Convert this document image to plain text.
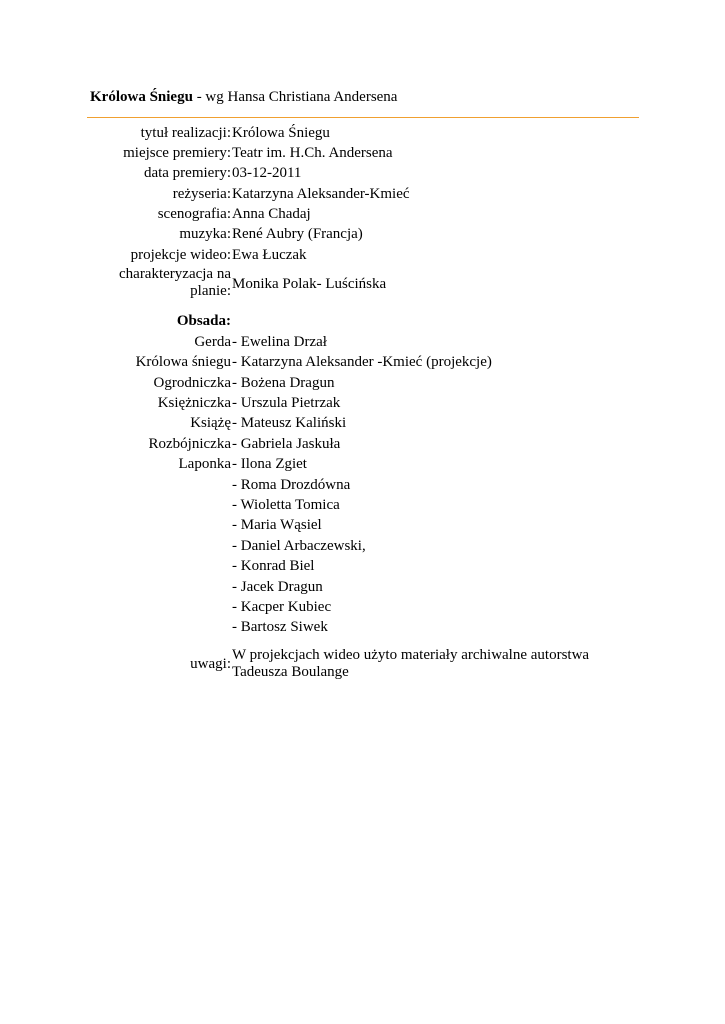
Królowa Śniegu - wg Hansa Christiana Andersena
tytuł realizacji: Królowa Śniegu
miejsce premiery: Teatr im. H.Ch. Andersena
data premiery: 03-12-2011
reżyseria: Katarzyna Aleksander-Kmieć
scenografia: Anna Chadaj
muzyka: René Aubry (Francja)
projekcje wideo: Ewa Łuczak
charakteryzacja na
planie: Monika Polak- Luścińska
Obsada:
Gerda - Ewelina Drzał
Królowa śniegu - Katarzyna Aleksander -Kmieć (projekcje)
Ogrodniczka - Bożena Dragun
Księżniczka - Urszula Pietrzak
Książę - Mateusz Kaliński
Rozbójniczka - Gabriela Jaskuła
Laponka - Ilona Zgiet
- Roma Drozdówna
- Wioletta Tomica
- Maria Wąsiel
- Daniel Arbaczewski,
- Konrad Biel
- Jacek Dragun
- Kacper Kubiec
- Bartosz Siwek
uwagi:
W projekcjach wideo użyto materiały archiwalne autorstwa
Tadeusza Boulange
